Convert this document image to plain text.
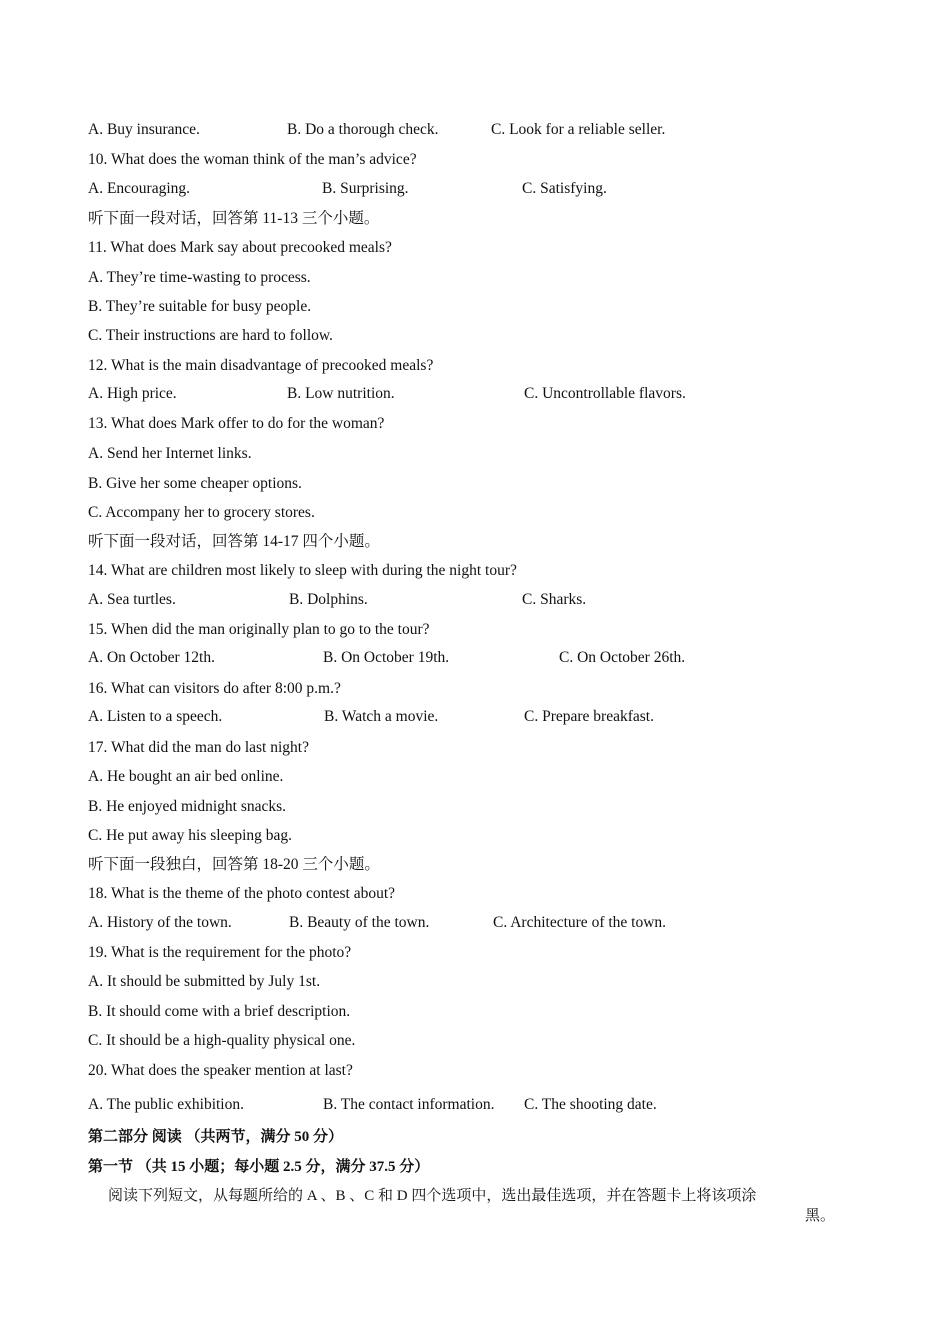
A. Buy insurance.	B. Do a thorough check.	C. Look for a reliable seller.
10. What does the woman think of the man’s advice?
A. Encouraging.	B. Surprising.	C. Satisfying.
听下面一段对话，回答第 11-13 三个小题。
11. What does Mark say about precooked meals?
A. They’re time-wasting to process.
B. They’re suitable for busy people.
C. Their instructions are hard to follow.
12. What is the main disadvantage of precooked meals?
A. High price.	B. Low nutrition.	C. Uncontrollable flavors.
13. What does Mark offer to do for the woman?
A. Send her Internet links.
B. Give her some cheaper options.
C. Accompany her to grocery stores.
听下面一段对话，回答第 14-17 四个小题。
14. What are children most likely to sleep with during the night tour?
A. Sea turtles.	B. Dolphins.	C. Sharks.
15. When did the man originally plan to go to the tour?
A. On October 12th.	B. On October 19th.	C. On October 26th.
16. What can visitors do after 8:00 p.m.?
A. Listen to a speech.	B. Watch a movie.	C. Prepare breakfast.
17. What did the man do last night?
A. He bought an air bed online.
B. He enjoyed midnight snacks.
C. He put away his sleeping bag.
听下面一段独白，回答第 18-20 三个小题。
18. What is the theme of the photo contest about?
A. History of the town.	B. Beauty of the town.	C. Architecture of the town.
19. What is the requirement for the photo?
A. It should be submitted by July 1st.
B. It should come with a brief description.
C. It should be a high-quality physical one.
20. What does the speaker mention at last?
A. The public exhibition.	B. The contact information. C. The shooting date.
第二部分 阅读 （共两节，满分 50 分）
第一节 （共 15 小题；每小题 2.5 分，满分 37.5 分）
阅读下列短文，从每题所给的 A 、B 、C 和 D 四个选项中，选出最佳选项，并在答题卡上将该项涂
黑。
